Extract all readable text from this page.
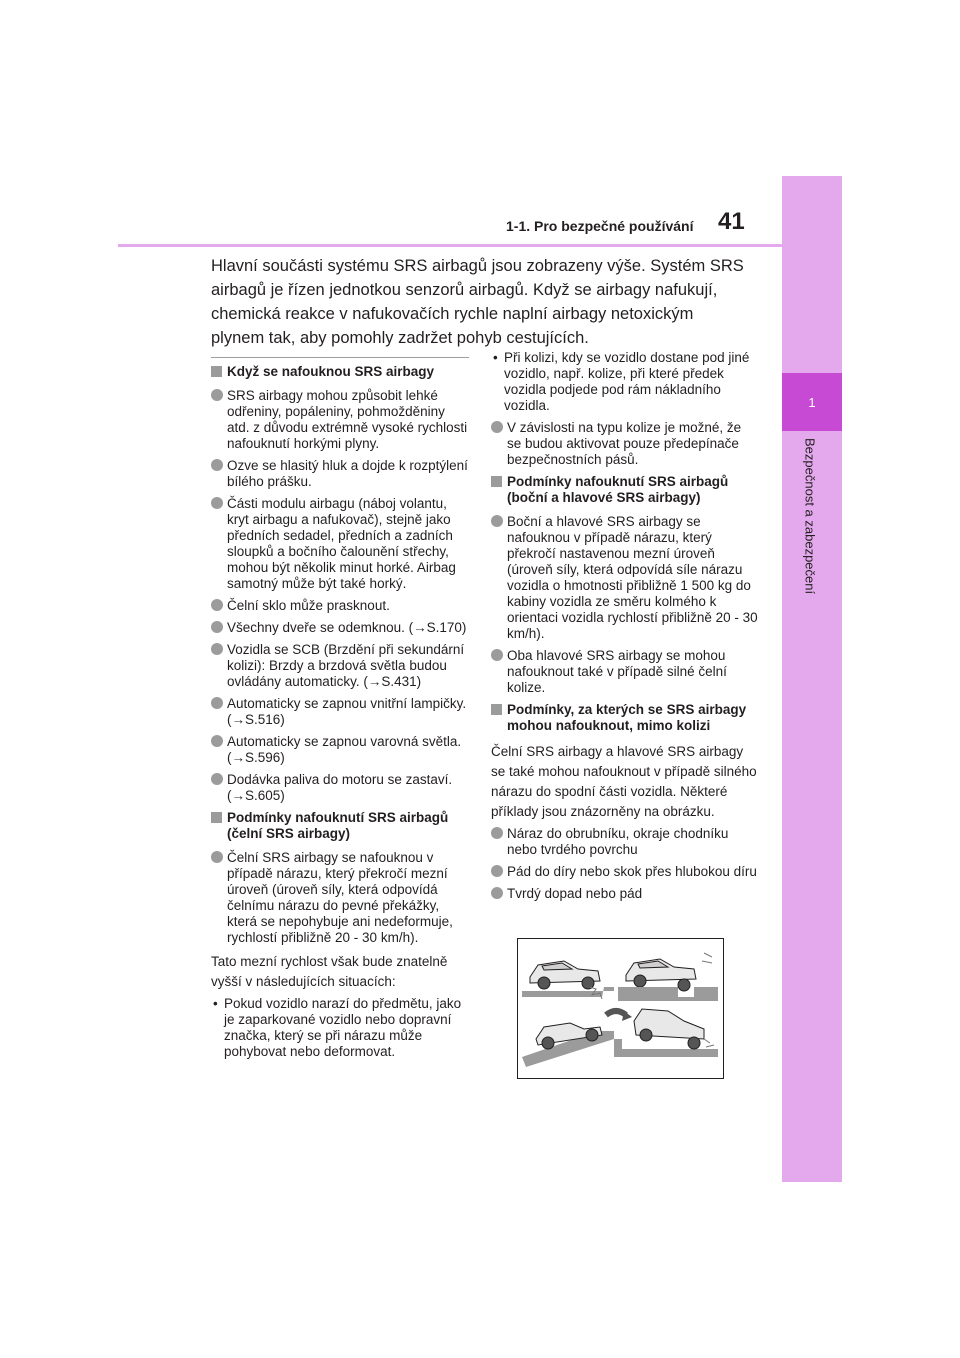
1
Bezpečnost a zabezpečení
41
1-1. Pro bezpečné používání
Hlavní součásti systému SRS airbagů jsou zobrazeny výše. Systém SRS airbagů je řízen jednotkou senzorů airbagů. Když se airbagy nafukují, chemická reakce v nafukovačích rychle naplní airbagy netoxickým plynem tak, aby pomohly zadržet pohyb cestujících.
Když se nafouknou SRS airbagy
SRS airbagy mohou způsobit lehké odřeniny, popáleniny, pohmožděniny atd. z důvodu extrémně vysoké rychlosti nafouknutí horkými plyny.
Ozve se hlasitý hluk a dojde k rozptýlení bílého prášku.
Části modulu airbagu (náboj volantu, kryt airbagu a nafukovač), stejně jako předních sedadel, předních a zadních sloupků a bočního čalounění střechy, mohou být několik minut horké. Airbag samotný může být také horký.
Čelní sklo může prasknout.
Všechny dveře se odemknou. (→S.170)
Vozidla se SCB (Brzdění při sekundární kolizi): Brzdy a brzdová světla budou ovládány automaticky. (→S.431)
Automaticky se zapnou vnitřní lampičky. (→S.516)
Automaticky se zapnou varovná světla. (→S.596)
Dodávka paliva do motoru se zastaví. (→S.605)
Podmínky nafouknutí SRS airbagů (čelní SRS airbagy)
Čelní SRS airbagy se nafouknou v případě nárazu, který překročí mezní úroveň (úroveň síly, která odpovídá čelnímu nárazu do pevné překážky, která se nepohybuje ani nedeformuje, rychlostí přibližně 20 - 30 km/h).
Tato mezní rychlost však bude znatelně vyšší v následujících situacích:
• Pokud vozidlo narazí do předmětu, jako je zaparkované vozidlo nebo dopravní značka, který se při nárazu může pohybovat nebo deformovat.
• Při kolizi, kdy se vozidlo dostane pod jiné vozidlo, např. kolize, při které předek vozidla podjede pod rám nákladního vozidla.
V závislosti na typu kolize je možné, že se budou aktivovat pouze předepínače bezpečnostních pásů.
Podmínky nafouknutí SRS airbagů (boční a hlavové SRS airbagy)
Boční a hlavové SRS airbagy se nafouknou v případě nárazu, který překročí nastavenou mezní úroveň (úroveň síly, která odpovídá síle nárazu vozidla o hmotnosti přibližně 1 500 kg do kabiny vozidla ze směru kolmého k orientaci vozidla rychlostí přibližně 20 - 30 km/h).
Oba hlavové SRS airbagy se mohou nafouknout také v případě silné čelní kolize.
Podmínky, za kterých se SRS airbagy mohou nafouknout, mimo kolizi
Čelní SRS airbagy a hlavové SRS airbagy se také mohou nafouknout v případě silného nárazu do spodní části vozidla. Některé příklady jsou znázorněny na obrázku.
Náraz do obrubníku, okraje chodníku nebo tvrdého povrchu
Pád do díry nebo skok přes hlubokou díru
Tvrdý dopad nebo pád
